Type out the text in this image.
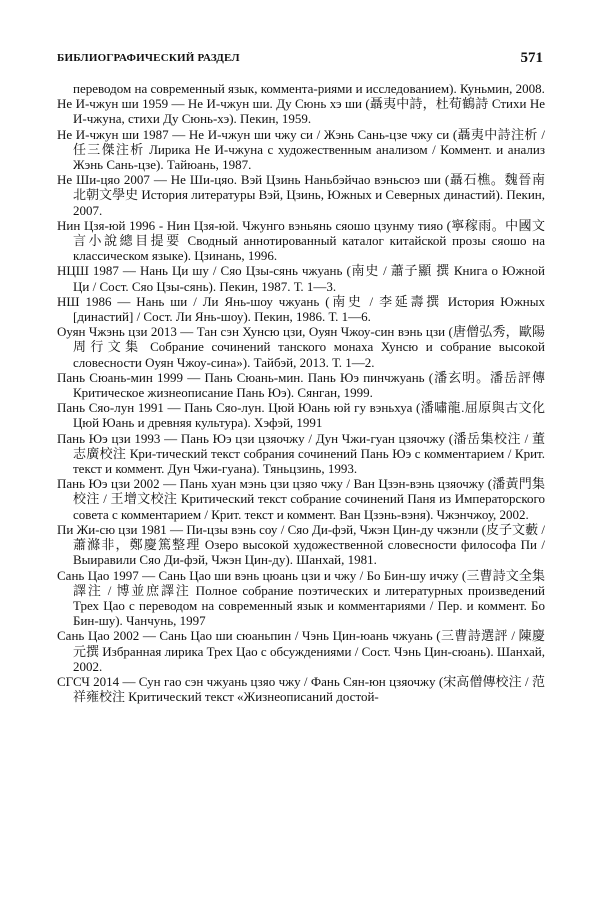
БИБЛИОГРАФИЧЕСКИЙ РАЗДЕЛ	571

переводом на современный язык, коммента-риями и исследованием). Куньмин, 2008.

Не И-чжун ши 1959 — Не И-чжун ши. Ду Сюнь хэ ши (聶夷中詩，杜荀鶴詩 Стихи Не И-чжуна, стихи Ду Сюнь-хэ). Пекин, 1959.

Не И-чжун ши 1987 — Не И-чжун ши чжу си / Жэнь Сань-цзе чжу си (聶夷中詩注析 / 任三傑注析 Лирика Не И-чжуна с художественным анализом / Коммент. и анализ Жэнь Сань-цзе). Тайюань, 1987.

Не Ши-цяо 2007 — Не Ши-цяо. Вэй Цзинь Наньбэйчао вэньсюэ ши (聶石樵。魏晉南北朝文學史 История литературы Вэй, Цзинь, Южных и Северных династий). Пекин, 2007.

Нин Цзя-юй 1996 - Нин Цзя-юй. Чжунго вэньянь сяошо цзунму тияо (寧稼雨。中國文言小說總目提要 Сводный аннотированный каталог китайской прозы сяошо на классическом языке). Цзинань, 1996.

НЦШ 1987 — Нань Ци шу / Сяо Цзы-сянь чжуань (南史 / 蕭子顯 撰 Книга о Южной Ци / Сост. Сяо Цзы-сянь). Пекин, 1987. Т. 1—3.

НШ 1986 — Нань ши / Ли Янь-шоу чжуань (南史 / 李延壽撰 История Южных [династий] / Сост. Ли Янь-шоу). Пекин, 1986. Т. 1—6.

Оуян Чжэнь цзи 2013 — Тан сэн Хунсю цзи, Оуян Чжоу-син вэнь цзи (唐僧弘秀，歐陽周行文集 Собрание сочинений танского монаха Хунсю и собрание высокой словесности Оуян Чжоу-сина»). Тайбэй, 2013. Т. 1—2.

Пань Сюань-мин 1999 — Пань Сюань-мин. Пань Юэ пинчжуань (潘玄明。潘岳評傳 Критическое жизнеописание Пань Юэ). Сянган, 1999.

Пань Сяо-лун 1991 — Пань Сяо-лун. Цюй Юань юй гу вэньхуа (潘嘯龍.屈原與古文化 Цюй Юань и древняя культура). Хэфэй, 1991

Пань Юэ цзи 1993 — Пань Юэ цзи цзяочжу / Дун Чжи-гуан цзяочжу (潘岳集校注 / 董志廣校注 Кри-тический текст собрания сочинений Пань Юэ с комментарием / Крит. текст и коммент. Дун Чжи-гуана). Тяньцзинь, 1993.

Пань Юэ цзи 2002 — Пань хуан мэнь цзи цзяо чжу / Ван Цзэн-вэнь цзяочжу (潘黃門集校注 / 王增文校注 Критический текст собрание сочинений Паня из Императорского совета с комментарием / Крит. текст и коммент. Ван Цзэнь-вэня). Чжэнчжоу, 2002.

Пи Жи-сю цзи 1981 — Пи-цзы вэнь соу / Сяо Ди-фэй, Чжэн Цин-ду чжэнли (皮子文藪 / 蕭滌非，鄭慶篤整理 Озеро высокой художественной словесности философа Пи / Выиравили Сяо Ди-фэй, Чжэн Цин-ду). Шанхай, 1981.

Сань Цао 1997 — Сань Цао ши вэнь цюань цзи и чжу / Бо Бин-шу ичжу (三曹詩文全集譯注 / 博並庶譯注 Полное собрание поэтических и литературных произведений Трех Цао с переводом на современный язык и комментариями / Пер. и коммент. Бо Бин-шу). Чанчунь, 1997

Сань Цао 2002 — Сань Цао ши сюаньпин / Чэнь Цин-юань чжуань (三曹詩選評 / 陳慶元撰 Избранная лирика Трех Цао с обсуждениями / Сост. Чэнь Цин-сюань). Шанхай, 2002.

СГСЧ 2014 — Сун гао сэн чжуань цзяо чжу / Фань Сян-юн цзяочжу (宋高僧傳校注 / 范祥雍校注 Критический текст «Жизнеописаний достой-
